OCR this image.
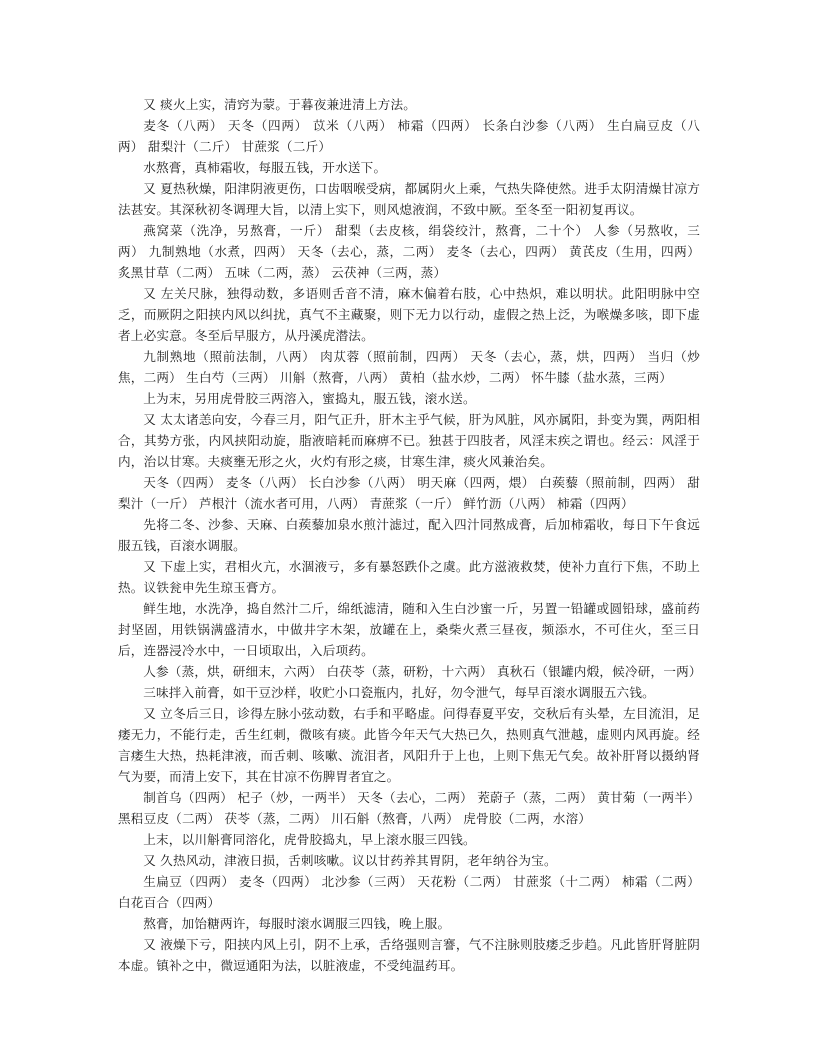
又 痰火上实，清窍为蒙。于暮夜兼进清上方法。

麦冬（八两） 天冬（四两） 苡米（八两） 柿霜（四两） 长条白沙参（八两） 生白扁豆皮（八两） 甜梨汁（二斤） 甘蔗浆（二斤）

水熬膏，真柿霜收，每服五钱，开水送下。

又 夏热秋燥，阳津阴液更伤，口齿咽喉受病，都属阴火上乘，气热失降使然。进手太阴清燥甘凉方法甚安。其深秋初冬调理大旨，以清上实下，则风熄液润，不致中厥。至冬至一阳初复再议。

燕窝菜（洗净，另熬膏，一斤） 甜梨（去皮核，绢袋绞汁，熬膏，二十个） 人参（另熬收，三两） 九制熟地（水煮，四两） 天冬（去心，蒸，二两） 麦冬（去心，四两） 黄芪皮（生用，四两） 炙黑甘草（二两） 五味（二两，蒸） 云茯神（三两，蒸）

又 左关尺脉，独得动数，多语则舌音不清，麻木偏着右肢，心中热炽，难以明状。此阳明脉中空乏，而厥阴之阳挟内风以纠扰，真气不主藏聚，则下无力以行动，虚假之热上泛，为喉燥多咳，即下虚者上必实意。冬至后早服方，从丹溪虎潜法。

九制熟地（照前法制，八两） 肉苁蓉（照前制，四两） 天冬（去心，蒸，烘，四两） 当归（炒焦，二两） 生白芍（三两） 川斛（熬膏，八两） 黄柏（盐水炒，二两） 怀牛膝（盐水蒸，三两）

上为末，另用虎骨胶三两溶入，蜜捣丸，服五钱，滚水送。

又 太太诸恙向安，今春三月，阳气正升，肝木主乎气候，肝为风脏，风亦属阳，卦变为巽，两阳相合，其势方张，内风挟阳动旋，脂液暗耗而麻痹不已。独甚于四肢者，风淫末疾之谓也。经云：风淫于内，治以甘寒。夫痰壅无形之火，火灼有形之痰，甘寒生津，痰火风兼治矣。

天冬（四两） 麦冬（八两） 长白沙参（八两） 明天麻（四两，煨） 白蒺藜（照前制，四两） 甜梨汁（一斤） 芦根汁（流水者可用，八两） 青蔗浆（一斤） 鲜竹沥（八两） 柿霜（四两）

先将二冬、沙参、天麻、白蒺藜加泉水煎汁滤过，配入四汁同熬成膏，后加柿霜收，每日下午食远服五钱，百滚水调服。

又 下虚上实，君相火亢，水涸液亏，多有暴怒跌仆之虞。此方滋液救焚，使补力直行下焦，不助上热。议铁瓮申先生琼玉膏方。

鲜生地，水洗净，捣自然汁二斤，绵纸滤清，随和入生白沙蜜一斤，另置一铅罐或圆铅球，盛前药封坚固，用铁锅满盛清水，中做井字木架，放罐在上，桑柴火煮三昼夜，频添水，不可住火，至三日后，连器浸冷水中，一日顷取出，入后项药。

人参（蒸，烘，研细末，六两） 白茯苓（蒸，研粉，十六两） 真秋石（银罐内煅，候冷研，一两）

三味拌入前膏，如干豆沙样，收贮小口瓷瓶内，扎好，勿令泄气，每早百滚水调服五六钱。

又 立冬后三日，诊得左脉小弦动数，右手和平略虚。问得春夏平安，交秋后有头晕，左目流泪，足痿无力，不能行走，舌生红刺，微咳有痰。此皆今年天气大热已久，热则真气泄越，虚则内风再旋。经言痿生大热，热耗津液，而舌刺、咳嗽、流泪者，风阳升于上也，上则下焦无气矣。故补肝肾以摄纳肾气为要，而清上安下，其在甘凉不伤脾胃者宜之。

制首乌（四两） 杞子（炒，一两半） 天冬（去心，二两） 茺蔚子（蒸，二两） 黄甘菊（一两半） 黑稆豆皮（二两） 茯苓（蒸，二两） 川石斛（熬膏，八两） 虎骨胶（二两，水溶）

上末，以川斛膏同溶化，虎骨胶捣丸，早上滚水服三四钱。

又 久热风动，津液日损，舌刺咳嗽。议以甘药养其胃阴，老年纳谷为宝。

生扁豆（四两） 麦冬（四两） 北沙参（三两） 天花粉（二两） 甘蔗浆（十二两） 柿霜（二两） 白花百合（四两）

熬膏，加饴糖两许，每服时滚水调服三四钱，晚上服。

又 液燥下亏，阳挟内风上引，阴不上承，舌络强则言謇，气不注脉则肢痿乏步趋。凡此皆肝肾脏阴本虚。镇补之中，微逗通阳为法，以脏液虚，不受纯温药耳。
